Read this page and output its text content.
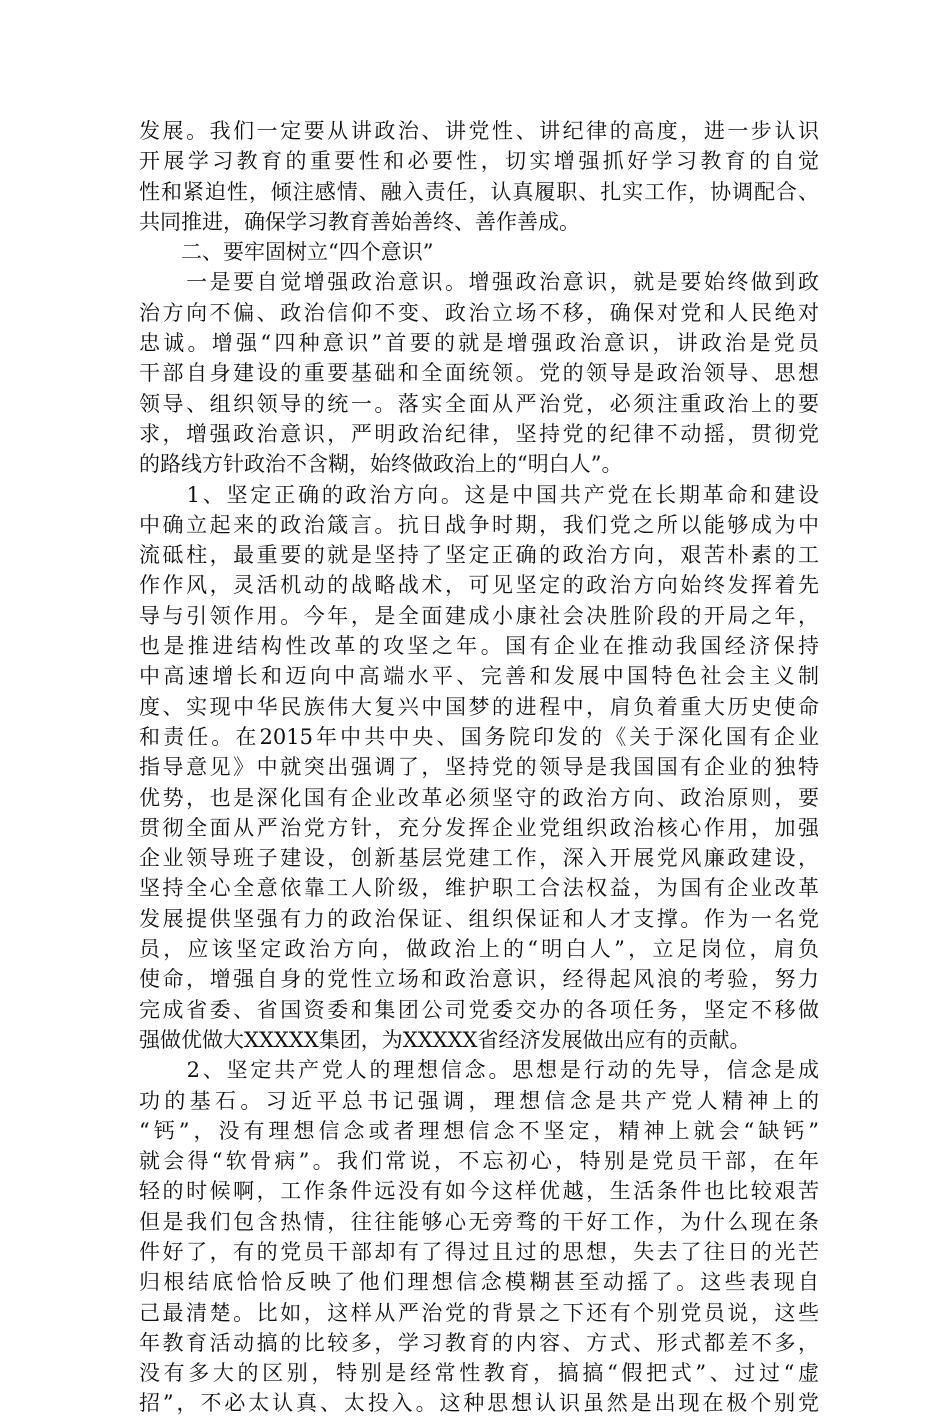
发展。我们一定要从讲政治、讲党性、讲纪律的高度，进一步认识
开展学习教育的重要性和必要性，切实增强抓好学习教育的自觉
性和紧迫性，倾注感情、融入责任，认真履职、扎实工作，协调配合、
共同推进，确保学习教育善始善终、善作善成。
　　二、要牢固树立“四个意识”
　　一是要自觉增强政治意识。增强政治意识，就是要始终做到政
治方向不偏、政治信仰不变、政治立场不移，确保对党和人民绝对
忠诚。增强“四种意识”首要的就是增强政治意识，讲政治是党员
干部自身建设的重要基础和全面统领。党的领导是政治领导、思想
领导、组织领导的统一。落实全面从严治党，必须注重政治上的要
求，增强政治意识，严明政治纪律，坚持党的纪律不动摇，贯彻党
的路线方针政治不含糊，始终做政治上的“明白人”。
　　1、坚定正确的政治方向。这是中国共产党在长期革命和建设
中确立起来的政治箴言。抗日战争时期，我们党之所以能够成为中
流砥柱，最重要的就是坚持了坚定正确的政治方向，艰苦朴素的工
作作风，灵活机动的战略战术，可见坚定的政治方向始终发挥着先
导与引领作用。今年，是全面建成小康社会决胜阶段的开局之年，
也是推进结构性改革的攻坚之年。国有企业在推动我国经济保持
中高速增长和迈向中高端水平、完善和发展中国特色社会主义制
度、实现中华民族伟大复兴中国梦的进程中，肩负着重大历史使命
和责任。在2015年中共中央、国务院印发的《关于深化国有企业
指导意见》中就突出强调了，坚持党的领导是我国国有企业的独特
优势，也是深化国有企业改革必须坚守的政治方向、政治原则，要
贯彻全面从严治党方针，充分发挥企业党组织政治核心作用，加强
企业领导班子建设，创新基层党建工作，深入开展党风廉政建设，
坚持全心全意依靠工人阶级，维护职工合法权益，为国有企业改革
发展提供坚强有力的政治保证、组织保证和人才支撑。作为一名党
员，应该坚定政治方向，做政治上的“明白人”，立足岗位，肩负
使命，增强自身的党性立场和政治意识，经得起风浪的考验，努力
完成省委、省国资委和集团公司党委交办的各项任务，坚定不移做
强做优做大XXXXX集团，为XXXXX省经济发展做出应有的贡献。
　　2、坚定共产党人的理想信念。思想是行动的先导，信念是成
功的基石。习近平总书记强调，理想信念是共产党人精神上的
“钙”，没有理想信念或者理想信念不坚定，精神上就会“缺钙”
就会得“软骨病”。我们常说，不忘初心，特别是党员干部，在年
轻的时候啊，工作条件远没有如今这样优越，生活条件也比较艰苦
但是我们包含热情，往往能够心无旁骛的干好工作，为什么现在条
件好了，有的党员干部却有了得过且过的思想，失去了往日的光芒
归根结底恰恰反映了他们理想信念模糊甚至动摇了。这些表现自
己最清楚。比如，这样从严治党的背景之下还有个别党员说，这些
年教育活动搞的比较多，学习教育的内容、方式、形式都差不多，
没有多大的区别，特别是经常性教育，搞搞“假把式”、过过“虚
招”，不必太认真、太投入。这种思想认识虽然是出现在极个别党
